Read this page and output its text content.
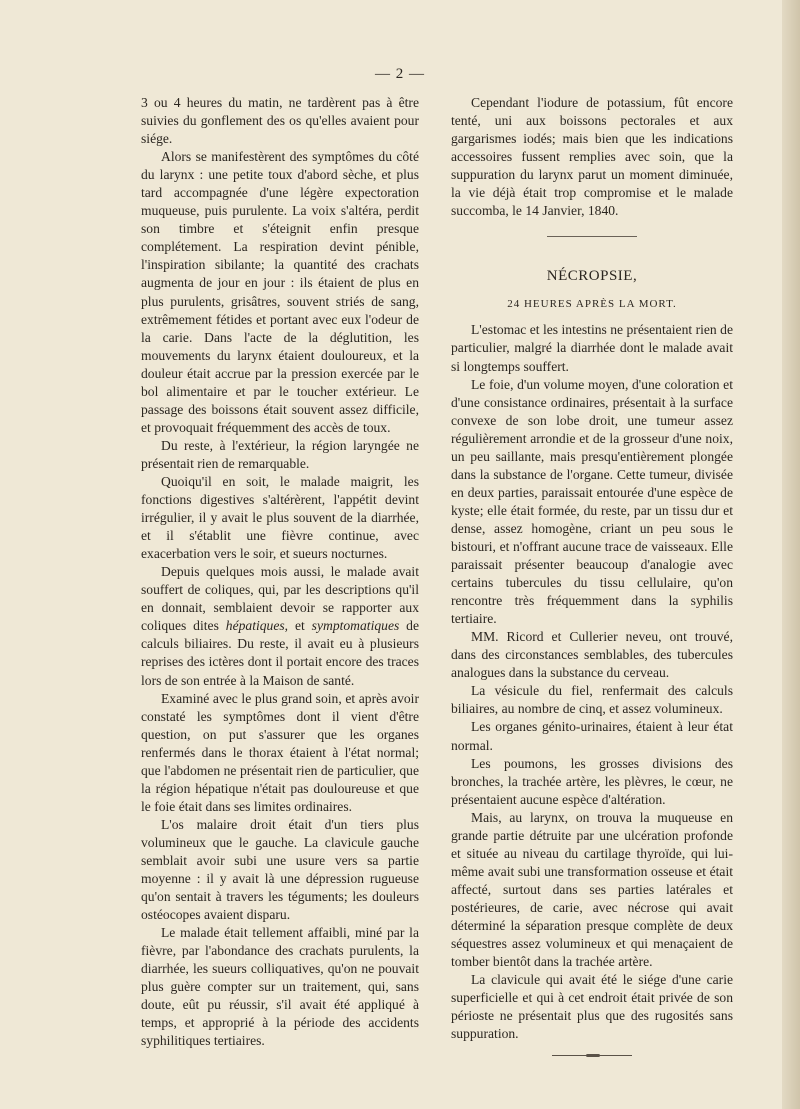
— 2 —

3 ou 4 heures du matin, ne tardèrent pas à être suivies du gonflement des os qu'elles avaient pour siége.

Alors se manifestèrent des symptômes du côté du larynx : une petite toux d'abord sèche, et plus tard accompagnée d'une légère expectoration muqueuse, puis purulente. La voix s'altéra, perdit son timbre et s'éteignit enfin presque complétement. La respiration devint pénible, l'inspiration sibilante; la quantité des crachats augmenta de jour en jour : ils étaient de plus en plus purulents, grisâtres, souvent striés de sang, extrêmement fétides et portant avec eux l'odeur de la carie. Dans l'acte de la déglutition, les mouvements du larynx étaient douloureux, et la douleur était accrue par la pression exercée par le bol alimentaire et par le toucher extérieur. Le passage des boissons était souvent assez difficile, et provoquait fréquemment des accès de toux.

Du reste, à l'extérieur, la région laryngée ne présentait rien de remarquable.

Quoiqu'il en soit, le malade maigrit, les fonctions digestives s'altérèrent, l'appétit devint irrégulier, il y avait le plus souvent de la diarrhée, et il s'établit une fièvre continue, avec exacerbation vers le soir, et sueurs nocturnes.

Depuis quelques mois aussi, le malade avait souffert de coliques, qui, par les descriptions qu'il en donnait, semblaient devoir se rapporter aux coliques dites hépatiques, et symptomatiques de calculs biliaires. Du reste, il avait eu à plusieurs reprises des ictères dont il portait encore des traces lors de son entrée à la Maison de santé.

Examiné avec le plus grand soin, et après avoir constaté les symptômes dont il vient d'être question, on put s'assurer que les organes renfermés dans le thorax étaient à l'état normal; que l'abdomen ne présentait rien de particulier, que la région hépatique n'était pas douloureuse et que le foie était dans ses limites ordinaires.

L'os malaire droit était d'un tiers plus volumineux que le gauche. La clavicule gauche semblait avoir subi une usure vers sa partie moyenne : il y avait là une dépression rugueuse qu'on sentait à travers les téguments; les douleurs ostéocopes avaient disparu.

Le malade était tellement affaibli, miné par la fièvre, par l'abondance des crachats purulents, la diarrhée, les sueurs colliquatives, qu'on ne pouvait plus guère compter sur un traitement, qui, sans doute, eût pu réussir, s'il avait été appliqué à temps, et approprié à la période des accidents syphilitiques tertiaires.

Cependant l'iodure de potassium, fût encore tenté, uni aux boissons pectorales et aux gargarismes iodés; mais bien que les indications accessoires fussent remplies avec soin, que la suppuration du larynx parut un moment diminuée, la vie déjà était trop compromise et le malade succomba, le 14 Janvier, 1840.

NÉCROPSIE,
24 HEURES APRÈS LA MORT.

L'estomac et les intestins ne présentaient rien de particulier, malgré la diarrhée dont le malade avait si longtemps souffert.

Le foie, d'un volume moyen, d'une coloration et d'une consistance ordinaires, présentait à la surface convexe de son lobe droit, une tumeur assez régulièrement arrondie et de la grosseur d'une noix, un peu saillante, mais presqu'entièrement plongée dans la substance de l'organe. Cette tumeur, divisée en deux parties, paraissait entourée d'une espèce de kyste; elle était formée, du reste, par un tissu dur et dense, assez homogène, criant un peu sous le bistouri, et n'offrant aucune trace de vaisseaux. Elle paraissait présenter beaucoup d'analogie avec certains tubercules du tissu cellulaire, qu'on rencontre très fréquemment dans la syphilis tertiaire.

MM. Ricord et Cullerier neveu, ont trouvé, dans des circonstances semblables, des tubercules analogues dans la substance du cerveau.

La vésicule du fiel, renfermait des calculs biliaires, au nombre de cinq, et assez volumineux.

Les organes génito-urinaires, étaient à leur état normal.

Les poumons, les grosses divisions des bronches, la trachée artère, les plèvres, le cœur, ne présentaient aucune espèce d'altération.

Mais, au larynx, on trouva la muqueuse en grande partie détruite par une ulcération profonde et située au niveau du cartilage thyroïde, qui lui-même avait subi une transformation osseuse et était affecté, surtout dans ses parties latérales et postérieures, de carie, avec nécrose qui avait déterminé la séparation presque complète de deux séquestres assez volumineux et qui menaçaient de tomber bientôt dans la trachée artère.

La clavicule qui avait été le siége d'une carie superficielle et qui à cet endroit était privée de son périoste ne présentait plus que des rugosités sans suppuration.
